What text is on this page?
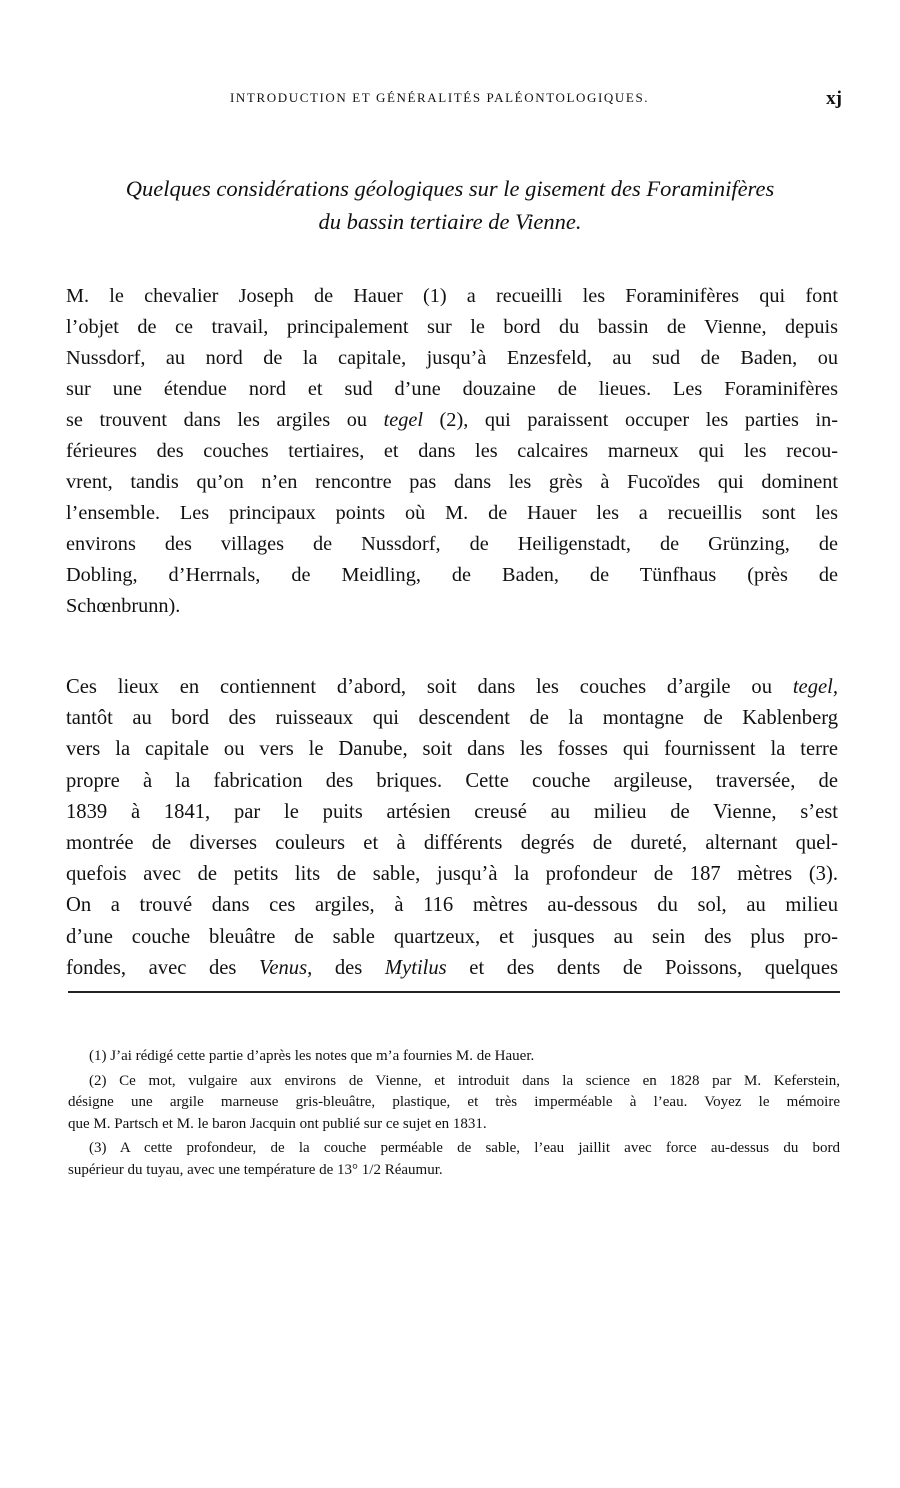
INTRODUCTION ET GÉNÉRALITÉS PALÉONTOLOGIQUES.	xj
Quelques considérations géologiques sur le gisement des Foraminifères
du bassin tertiaire de Vienne.
M. le chevalier Joseph de Hauer (1) a recueilli les Foraminifères qui font
l’objet de ce travail, principalement sur le bord du bassin de Vienne, depuis
Nussdorf, au nord de la capitale, jusqu’à Enzesfeld, au sud de Baden, ou
sur une étendue nord et sud d’une douzaine de lieues. Les Foraminifères
se trouvent dans les argiles ou tegel (2), qui paraissent occuper les parties in-
férieures des couches tertiaires, et dans les calcaires marneux qui les recou-
vrent, tandis qu’on n’en rencontre pas dans les grès à Fucoïdes qui dominent
l’ensemble. Les principaux points où M. de Hauer les a recueillis sont les
environs des villages de Nussdorf, de Heiligenstadt, de Grünzing, de
Dobling, d’Herrnals, de Meidling, de Baden, de Tünfhaus (près de
Schœnbrunn).
Ces lieux en contiennent d’abord, soit dans les couches d’argile ou tegel,
tantôt au bord des ruisseaux qui descendent de la montagne de Kablenberg
vers la capitale ou vers le Danube, soit dans les fosses qui fournissent la terre
propre à la fabrication des briques. Cette couche argileuse, traversée, de
1839 à 1841, par le puits artésien creusé au milieu de Vienne, s’est
montrée de diverses couleurs et à différents degrés de dureté, alternant quel-
quefois avec de petits lits de sable, jusqu’à la profondeur de 187 mètres (3).
On a trouvé dans ces argiles, à 116 mètres au-dessous du sol, au milieu
d’une couche bleuâtre de sable quartzeux, et jusques au sein des plus pro-
fondes, avec des Venus, des Mytilus et des dents de Poissons, quelques
(1) J’ai rédigé cette partie d’après les notes que m’a fournies M. de Hauer.
(2) Ce mot, vulgaire aux environs de Vienne, et introduit dans la science en 1828 par M. Keferstein,
désigne une argile marneuse gris-bleuâtre, plastique, et très imperméable à l’eau. Voyez le mémoire
que M. Partsch et M. le baron Jacquin ont publié sur ce sujet en 1831.
(3) A cette profondeur, de la couche perméable de sable, l’eau jaillit avec force au-dessus du bord
supérieur du tuyau, avec une température de 13° 1/2 Réaumur.
